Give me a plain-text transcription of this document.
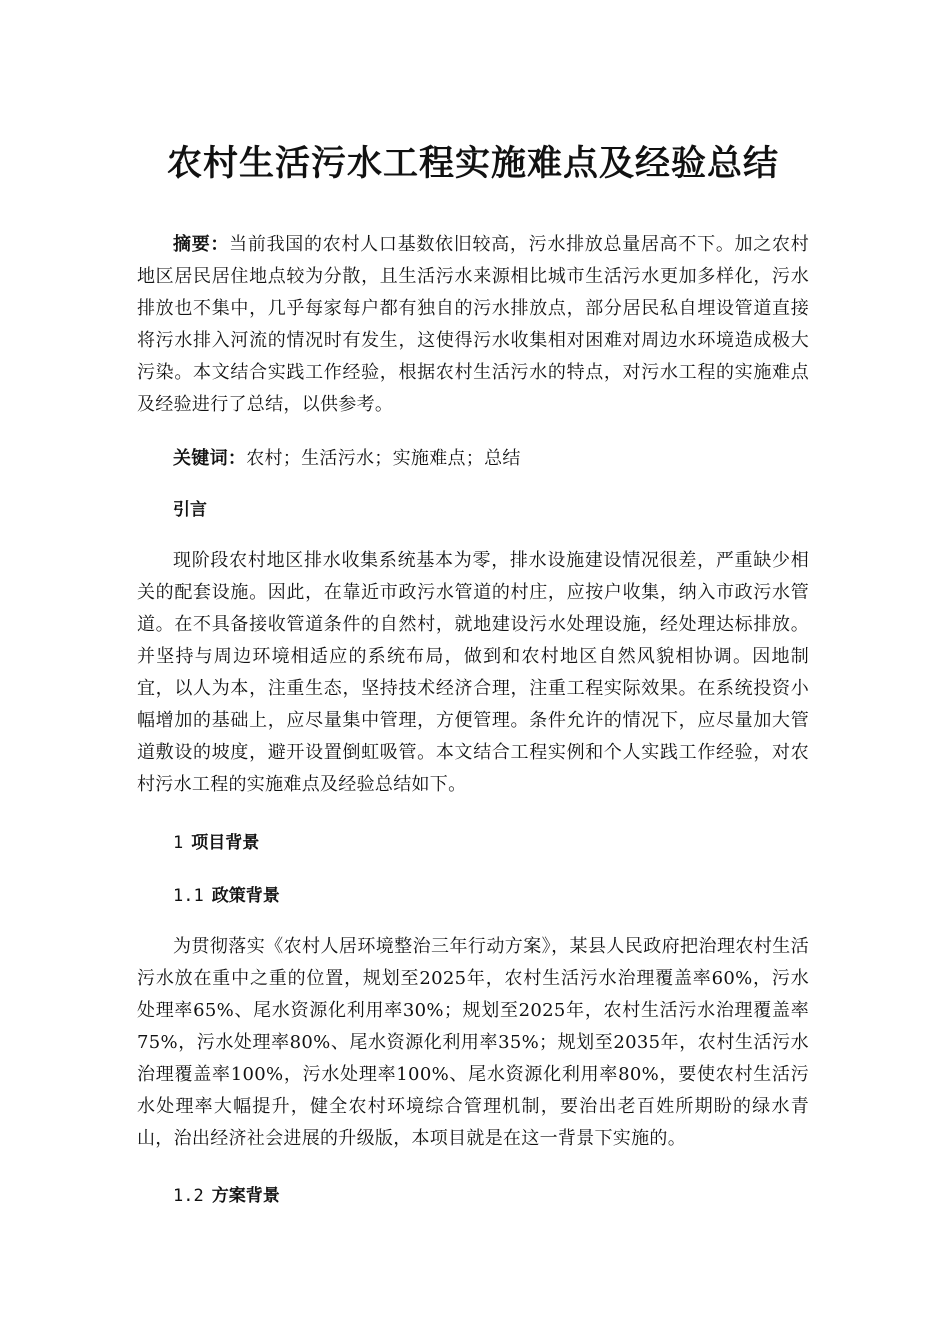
农村生活污水工程实施难点及经验总结

摘要：当前我国的农村人口基数依旧较高，污水排放总量居高不下。加之农村地区居民居住地点较为分散，且生活污水来源相比城市生活污水更加多样化，污水排放也不集中，几乎每家每户都有独自的污水排放点，部分居民私自埋设管道直接将污水排入河流的情况时有发生，这使得污水收集相对困难对周边水环境造成极大污染。本文结合实践工作经验，根据农村生活污水的特点，对污水工程的实施难点及经验进行了总结，以供参考。

关键词：农村；生活污水；实施难点；总结

引言

现阶段农村地区排水收集系统基本为零，排水设施建设情况很差，严重缺少相关的配套设施。因此，在靠近市政污水管道的村庄，应按户收集，纳入市政污水管道。在不具备接收管道条件的自然村，就地建设污水处理设施，经处理达标排放。并坚持与周边环境相适应的系统布局，做到和农村地区自然风貌相协调。因地制宜，以人为本，注重生态，坚持技术经济合理，注重工程实际效果。在系统投资小幅增加的基础上，应尽量集中管理，方便管理。条件允许的情况下，应尽量加大管道敷设的坡度，避开设置倒虹吸管。本文结合工程实例和个人实践工作经验，对农村污水工程的实施难点及经验总结如下。

1 项目背景
1.1 政策背景

为贯彻落实《农村人居环境整治三年行动方案》，某县人民政府把治理农村生活污水放在重中之重的位置，规划至2025年，农村生活污水治理覆盖率60%，污水处理率65%、尾水资源化利用率30%；规划至2025年，农村生活污水治理覆盖率75%，污水处理率80%、尾水资源化利用率35%；规划至2035年，农村生活污水治理覆盖率100%，污水处理率100%、尾水资源化利用率80%，要使农村生活污水处理率大幅提升，健全农村环境综合管理机制，要治出老百姓所期盼的绿水青山，治出经济社会进展的升级版，本项目就是在这一背景下实施的。

1.2 方案背景
